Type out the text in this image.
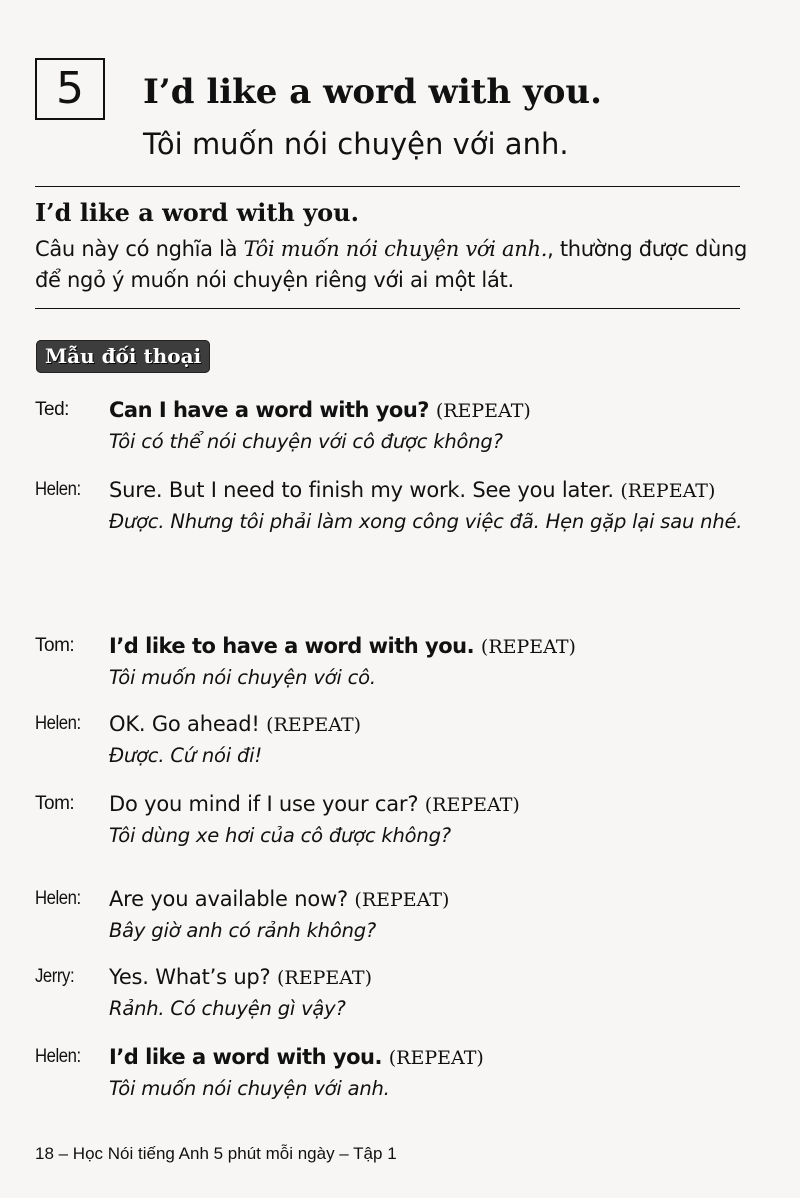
5	I’d like a word with you.
Tôi muốn nói chuyện với anh.
I’d like a word with you.
Câu này có nghĩa là Tôi muốn nói chuyện với anh., thường được dùng để ngỏ ý muốn nói chuyện riêng với ai một lát.
Mẫu đối thoại
Ted: Can I have a word with you? (REPEAT)
Tôi có thể nói chuyện với cô được không?
Helen: Sure. But I need to finish my work. See you later. (REPEAT)
Được. Nhưng tôi phải làm xong công việc đã. Hẹn gặp lại sau nhé.
Tom: I’d like to have a word with you. (REPEAT)
Tôi muốn nói chuyện với cô.
Helen: OK. Go ahead! (REPEAT)
Được. Cứ nói đi!
Tom: Do you mind if I use your car? (REPEAT)
Tôi dùng xe hơi của cô được không?
Helen: Are you available now? (REPEAT)
Bây giờ anh có rảnh không?
Jerry: Yes. What’s up? (REPEAT)
Rảnh. Có chuyện gì vậy?
Helen: I’d like a word with you. (REPEAT)
Tôi muốn nói chuyện với anh.
18 – Học Nói tiếng Anh 5 phút mỗi ngày – Tập 1
